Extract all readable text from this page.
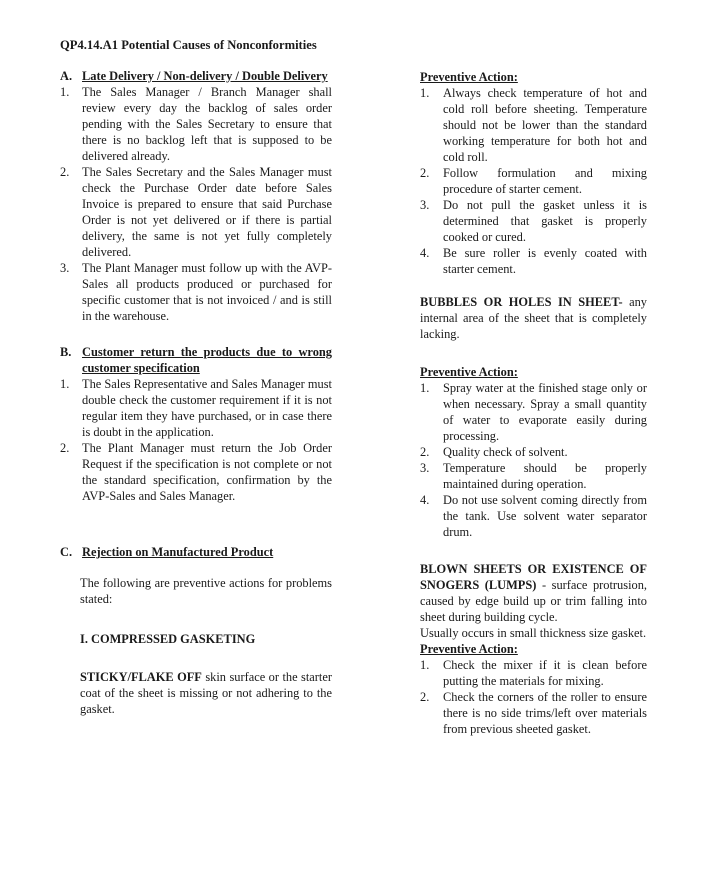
QP4.14.A1 Potential Causes of Nonconformities
A. Late Delivery / Non-delivery / Double Delivery
1.	The Sales Manager / Branch Manager shall review every day the backlog of sales order pending with the Sales Secretary to ensure that there is no backlog left that is supposed to be delivered already.
2.	The Sales Secretary and the Sales Manager must check the Purchase Order date before Sales Invoice is prepared to ensure that said Purchase Order is not yet delivered or if there is partial delivery, the same is not yet fully completely delivered.
3.	The Plant Manager must follow up with the AVP-Sales all products produced or purchased for specific customer that is not invoiced / and is still in the warehouse.
B. Customer return the products due to wrong customer specification
1.	The Sales Representative and Sales Manager must double check the customer requirement if it is not regular item they have purchased, or in case there is doubt in the application.
2.	The Plant Manager must return the Job Order Request if the specification is not complete or not the standard specification, confirmation by the AVP-Sales and Sales Manager.
C. Rejection on Manufactured Product
The following are preventive actions for problems stated:
I. COMPRESSED GASKETING
STICKY/FLAKE OFF skin surface or the starter coat of the sheet is missing or not adhering to the gasket.
Preventive Action:
1.	Always check temperature of hot and cold roll before sheeting. Temperature should not be lower than the standard working temperature for both hot and cold roll.
2.	Follow formulation and mixing procedure of starter cement.
3.	Do not pull the gasket unless it is determined that gasket is properly cooked or cured.
4.	Be sure roller is evenly coated with starter cement.
BUBBLES OR HOLES IN SHEET- any internal area of the sheet that is completely lacking.
Preventive Action:
1.	Spray water at the finished stage only or when necessary. Spray a small quantity of water to evaporate easily during processing.
2.	Quality check of solvent.
3.	Temperature should be properly maintained during operation.
4.	Do not use solvent coming directly from the tank. Use solvent water separator drum.
BLOWN SHEETS OR EXISTENCE OF SNOGERS (LUMPS) - surface protrusion, caused by edge build up or trim falling into sheet during building cycle.
Usually occurs in small thickness size gasket.
Preventive Action:
1.	Check the mixer if it is clean before putting the materials for mixing.
2.	Check the corners of the roller to ensure there is no side trims/left over materials from previous sheeted gasket.
